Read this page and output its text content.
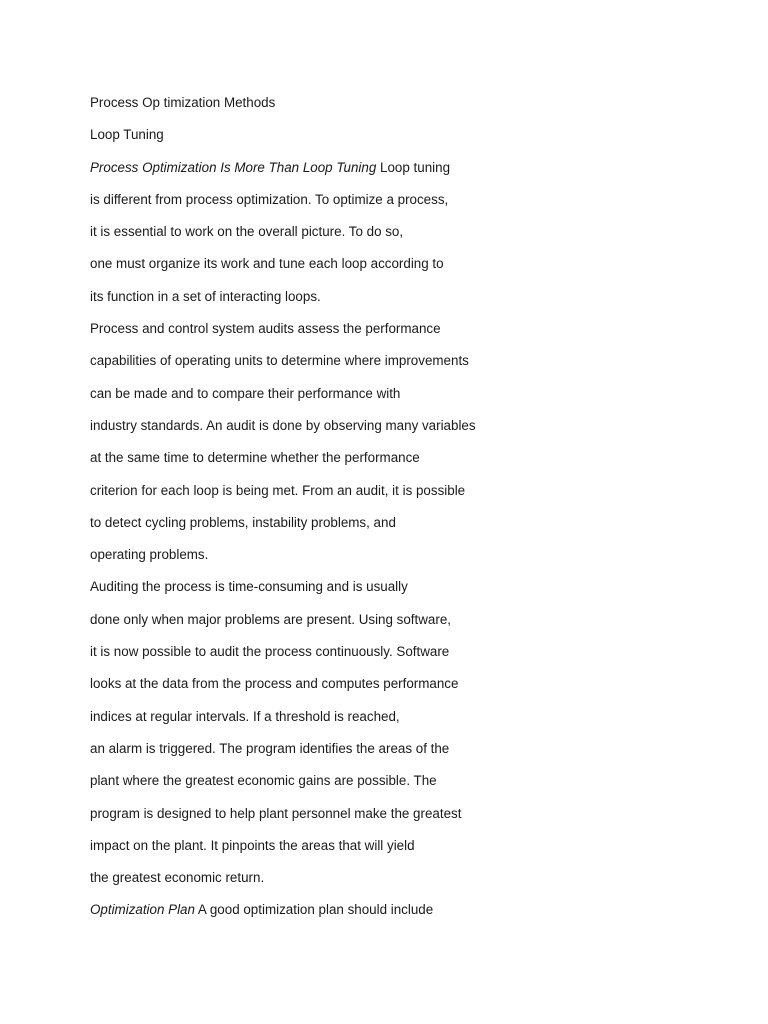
Process Op timization Methods
Loop Tuning
Process Optimization Is More Than Loop Tuning Loop tuning
is different from process optimization. To optimize a process,
it is essential to work on the overall picture. To do so,
one must organize its work and tune each loop according to
its function in a set of interacting loops.
Process and control system audits assess the performance
capabilities of operating units to determine where improvements
can be made and to compare their performance with
industry standards. An audit is done by observing many variables
at the same time to determine whether the performance
criterion for each loop is being met. From an audit, it is possible
to detect cycling problems, instability problems, and
operating problems.
Auditing the process is time-consuming and is usually
done only when major problems are present. Using software,
it is now possible to audit the process continuously. Software
looks at the data from the process and computes performance
indices at regular intervals. If a threshold is reached,
an alarm is triggered. The program identifies the areas of the
plant where the greatest economic gains are possible. The
program is designed to help plant personnel make the greatest
impact on the plant. It pinpoints the areas that will yield
the greatest economic return.
Optimization Plan A good optimization plan should include
